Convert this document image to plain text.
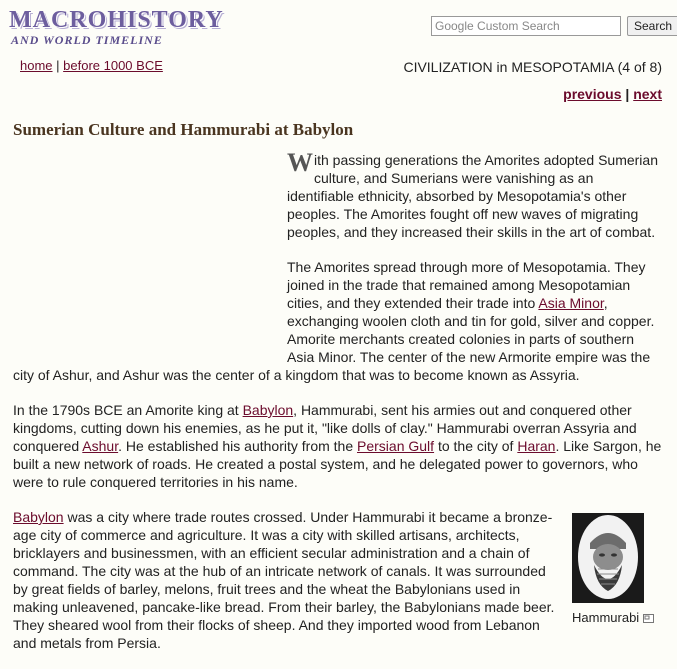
MACROHISTORY
AND WORLD TIMELINE
Google Custom Search
Search
home | before 1000 BCE	CIVILIZATION in MESOPOTAMIA (4 of 8)
previous | next
Sumerian Culture and Hammurabi at Babylon

With passing generations the Amorites adopted Sumerian culture, and Sumerians were vanishing as an identifiable ethnicity, absorbed by Mesopotamia's other peoples. The Amorites fought off new waves of migrating peoples, and they increased their skills in the art of combat.

The Amorites spread through more of Mesopotamia. They joined in the trade that remained among Mesopotamian cities, and they extended their trade into Asia Minor, exchanging woolen cloth and tin for gold, silver and copper. Amorite merchants created colonies in parts of southern Asia Minor. The center of the new Armorite empire was the city of Ashur, and Ashur was the center of a kingdom that was to become known as Assyria.

In the 1790s BCE an Amorite king at Babylon, Hammurabi, sent his armies out and conquered other kingdoms, cutting down his enemies, as he put it, "like dolls of clay." Hammurabi overran Assyria and conquered Ashur. He established his authority from the Persian Gulf to the city of Haran. Like Sargon, he built a new network of roads. He created a postal system, and he delegated power to governors, who were to rule conquered territories in his name.

Hammurabi

Babylon was a city where trade routes crossed. Under Hammurabi it became a bronze-age city of commerce and agriculture. It was a city with skilled artisans, architects, bricklayers and businessmen, with an efficient secular administration and a chain of command. The city was at the hub of an intricate network of canals. It was surrounded by great fields of barley, melons, fruit trees and the wheat the Babylonians used in making unleavened, pancake-like bread. From their barley, the Babylonians made beer. They sheared wool from their flocks of sheep. And they imported wood from Lebanon and metals from Persia.
